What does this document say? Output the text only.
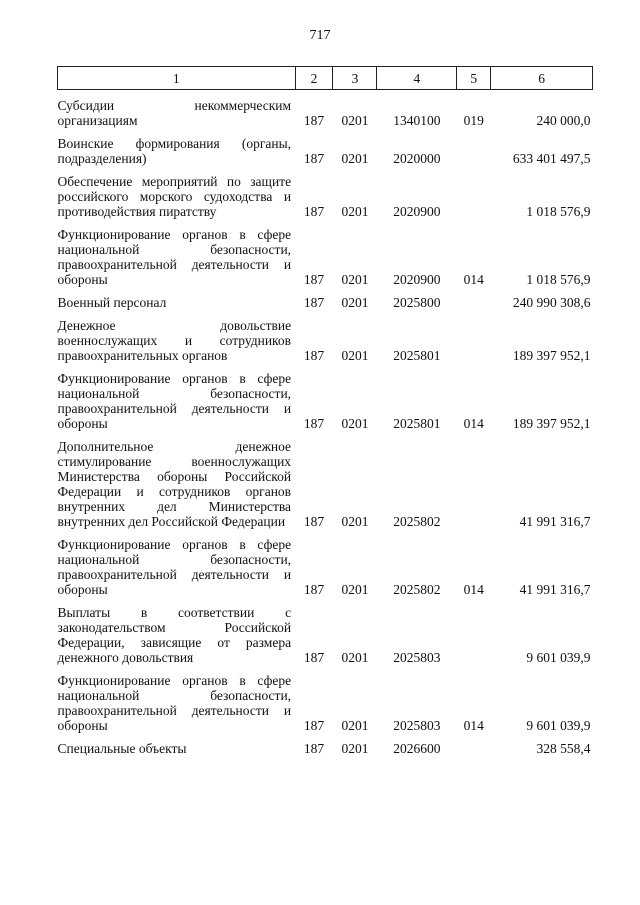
717
1	2	3	4	5	6
Субсидии некоммерческим организациям	187	0201	1340100	019	240 000,0
Воинские формирования (органы, подразделения)	187	0201	2020000		633 401 497,5
Обеспечение мероприятий по защите российского морского судоходства и противодействия пиратству	187	0201	2020900		1 018 576,9
Функционирование органов в сфере национальной безопасности, правоохранительной деятельности и обороны	187	0201	2020900	014	1 018 576,9
Военный персонал	187	0201	2025800		240 990 308,6
Денежное довольствие военнослужащих и сотрудников правоохранительных органов	187	0201	2025801		189 397 952,1
Функционирование органов в сфере национальной безопасности, правоохранительной деятельности и обороны	187	0201	2025801	014	189 397 952,1
Дополнительное денежное стимулирование военнослужащих Министерства обороны Российской Федерации и сотрудников органов внутренних дел Министерства внутренних дел Российской Федерации	187	0201	2025802		41 991 316,7
Функционирование органов в сфере национальной безопасности, правоохранительной деятельности и обороны	187	0201	2025802	014	41 991 316,7
Выплаты в соответствии с законодательством Российской Федерации, зависящие от размера денежного довольствия	187	0201	2025803		9 601 039,9
Функционирование органов в сфере национальной безопасности, правоохранительной деятельности и обороны	187	0201	2025803	014	9 601 039,9
Специальные объекты	187	0201	2026600		328 558,4
